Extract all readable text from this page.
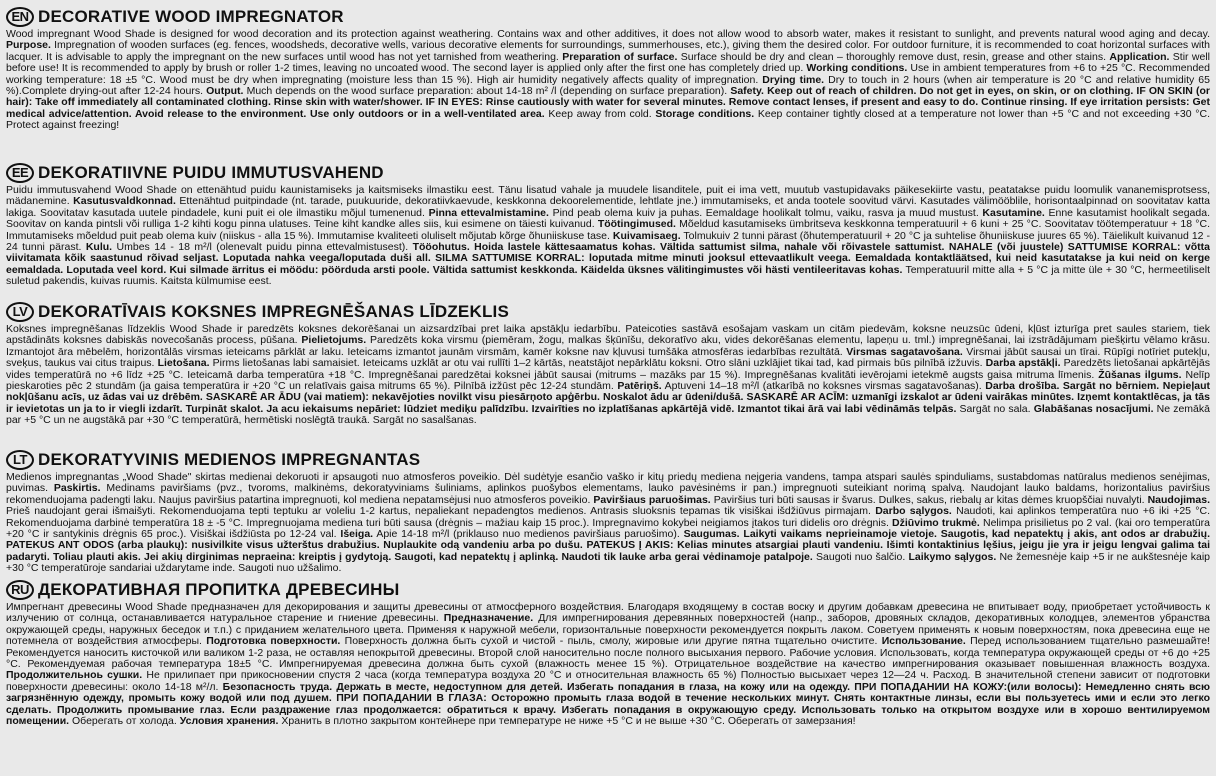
EN DECORATIVE WOOD IMPREGNATOR
Wood impregnant Wood Shade is designed for wood decoration and its protection against weathering. Contains wax and other additives, it does not allow wood to absorb water, makes it resistant to sunlight, and prevents natural wood aging and decay. Purpose. Impregnation of wooden surfaces (eg. fences, woodsheds, decorative wells, various decorative elements for surroundings, summerhouses, etc.), giving them the desired color. For outdoor furniture, it is recommended to coat horizontal surfaces with lacquer. It is advisable to apply the impregnant on the new surfaces until wood has not yet tarnished from weathering. Preparation of surface. Surface should be dry and clean – thoroughly remove dust, resin, grease and other stains. Application. Stir well before use! It is recommended to apply by brush or roller 1-2 times, leaving no uncoated wood. The second layer is applied only after the first one has completely dried up. Working conditions. Use in ambient temperatures from +6 to +25 °C. Recommended working temperature: 18 ±5 °C. Wood must be dry when impregnating (moisture less than 15 %). High air humidity negatively affects quality of impregnation. Drying time. Dry to touch in 2 hours (when air temperature is 20 °C and relative humidity 65 %).Complete drying-out after 12-24 hours. Output. Much depends on the wood surface preparation: about 14-18 m² /l (depending on surface preparation). Safety. Keep out of reach of children. Do not get in eyes, on skin, or on clothing. IF ON SKIN (or hair): Take off immediately all contaminated clothing. Rinse skin with water/shower. IF IN EYES: Rinse cautiously with water for several minutes. Remove contact lenses, if present and easy to do. Continue rinsing. If eye irritation persists: Get medical advice/attention. Avoid release to the environment. Use only outdoors or in a well-ventilated area. Keep away from cold. Storage conditions. Keep container tightly closed at a temperature not lower than +5 °C and not exceeding +30 °C. Protect against freezing!
EE DEKORATIIVNE PUIDU IMMUTUSVAHEND
Puidu immutusvahend Wood Shade on ettenähtud puidu kaunistamiseks ja kaitsmiseks ilmastiku eest. Tänu lisatud vahale ja muudele lisanditele, puit ei ima vett, muutub vastupidavaks päikesekiirte vastu, peatatakse puidu loomulik vananemisprotsess, mädanemine. Kasutusvaldkonnad. Ettenähtud puitpindade (nt. tarade, puukuuride, dekoratiivkaevude, keskkonna dekoorelementide, lehtlate jne.) immutamiseks, et anda tootele soovitud värvi. Kasutades välimööblile, horisontaalpinnad on soovitatav katta lakiga. Soovitatav kasutada uutele pindadele, kuni puit ei ole ilmastiku mõjul tumenenud. Pinna ettevalmistamine. Pind peab olema kuiv ja puhas. Eemaldage hoolikalt tolmu, vaiku, rasva ja muud mustust. Kasutamine. Enne kasutamist hoolikalt segada. Soovitav on kanda pintsli või rulliga 1-2 kihti kogu pinna ulatuses. Teine kiht kandke alles siis, kui esimene on täiesti kuivanud. Töötingimused. Mõeldud kasutamiseks ümbritseva keskkonna temperatuuril + 6 kuni + 25 °C. Soovitatav töötemperatuur + 18 °C. Immutamiseks mõeldud puit peab olema kuiv (niiskus - alla 15 %). Immutamise kvaliteeti oluliselt mõjutab kõrge õhuniiskuse tase. Kuivamisaeg. Tolmukuiv 2 tunni pärast (õhutemperatuuril + 20 °C ja suhtelise õhuniiskuse juures 65 %). Täielikult kuivanud 12 - 24 tunni pärast. Kulu. Umbes 14 - 18 m²/l (olenevalt puidu pinna ettevalmistusest). Tööohutus. Hoida lastele kättesaamatus kohas. Vältida sattumist silma, nahale või rõivastele sattumist. NAHALE (või juustele) SATTUMISE KORRAL: võtta viivitamata kõik saastunud rõivad seljast. Loputada nahka veega/loputada duši all. SILMA SATTUMISE KORRAL: loputada mitme minuti jooksul ettevaatlikult veega. Eemaldada kontaktläätsed, kui neid kasutatakse ja kui neid on kerge eemaldada. Loputada veel kord. Kui silmade ärritus ei möödu: pöörduda arsti poole. Vältida sattumist keskkonda. Käidelda üksnes välitingimustes või hästi ventileeritavas kohas. Temperatuuril mitte alla + 5 °C ja mitte üle + 30 °C, hermeetiliselt suletud pakendis, kuivas ruumis. Kaitsta külmumise eest.
LV DEKORATĪVAIS KOKSNES IMPREGNĒŠANAS LĪDZEKLIS
Koksnes impregnēšanas līdzeklis Wood Shade ir paredzēts koksnes dekorēšanai un aizsardzībai pret laika apstākļu iedarbību. Pateicoties sastāvā esošajam vaskam un citām piedevām, koksne neuzsūc ūdeni, kļūst izturīga pret saules stariem, tiek apstādināts koksnes dabiskās novecošanās process, pūšana. Pielietojums. Paredzēts koka virsmu (piemēram, žogu, malkas šķūnīšu, dekoratīvo aku, vides dekorēšanas elementu, lapeņu u. tml.) impregnēšanai, lai izstrādājumam piešķirtu vēlamo krāsu. Izmantojot āra mēbelēm, horizontālās virsmas ieteicams pārklāt ar laku. Ieteicams izmantot jaunām virsmām, kamēr koksne nav kļuvusi tumšāka atmosfēras iedarbības rezultātā. Virsmas sagatavošana. Virsmai jābūt sausai un tīrai. Rūpīgi notīriet putekļu, sveķus, taukus vai citus traipus. Lietošana. Pirms lietošanas labi samaisiet. Ieteicams uzklāt ar otu vai rullīti 1–2 kārtās, neatstājot nepārklātu koksni. Otro slāni uzklājiet tikai tad, kad pirmais būs pilnībā izžuvis. Darba apstākļi. Paredzēts lietošanai apkārtējās vides temperatūrā no +6 līdz +25 °C. Ieteicamā darba temperatūra +18 °C. Impregnēšanai paredzētai koksnei jābūt sausai (mitrums – mazāks par 15 %). Impregnēšanas kvalitāti ievērojami ietekmē augsts gaisa mitruma līmenis. Žūšanas ilgums. Nelīp pieskaroties pēc 2 stundām (ja gaisa temperatūra ir +20 °C un relatīvais gaisa mitrums 65 %). Pilnībā izžūst pēc 12-24 stundām. Patēriņš. Aptuveni 14–18 m²/l (atkarībā no koksnes virsmas sagatavošanas). Darba drošība. Sargāt no bērniem. Nepieļaut nokļūšanu acīs, uz ādas vai uz drēbēm. SASKARĒ AR ĀDU (vai matiem): nekavējoties novilkt visu piesārņoto apģērbu. Noskalot ādu ar ūdeni/dušā. SASKARĒ AR ACĪM: uzmanīgi izskalot ar ūdeni vairākas minūtes. Izņemt kontaktlēcas, ja tās ir ievietotas un ja to ir viegli izdarīt. Turpināt skalot. Ja acu iekaisums nepāriet: lūdziet mediķu palīdzību. Izvairīties no izplatīšanas apkārtējā vidē. Izmantot tikai ārā vai labi vēdināmās telpās. Sargāt no sala. Glabāšanas nosacījumi. Ne zemākā par +5 °C un ne augstākā par +30 °C temperatūrā, hermētiski noslēgtā traukā. Sargāt no sasalšanas.
LT DEKORATYVINIS MEDIENOS IMPREGNANTAS
Medienos impregnantas „Wood Shade" skirtas medienai dekoruoti ir apsaugoti nuo atmosferos poveikio. Dėl sudėtyje esančio vaško ir kitų priedų mediena neįgeria vandens, tampa atspari saulės spinduliams, sustabdomas natūralus medienos senėjimas, puvimas. Paskirtis. Medinams paviršiams (pvz., tvoroms, malkinėms, dekoratyviniams šuliniams, aplinkos puošybos elementams, lauko pavėsinėms ir pan.) impregnuoti suteikiant norimą spalvą. Naudojant lauko baldams, horizontalius paviršius rekomenduojama padengti laku. Naujus paviršius patartina impregnuoti, kol mediena nepatamsėjusi nuo atmosferos poveikio. Paviršiaus paruošimas. Paviršius turi būti sausas ir švarus. Dulkes, sakus, riebalų ar kitas dėmes kruopščiai nuvalyti. Naudojimas. Prieš naudojant gerai išmaišyti. Rekomenduojama tepti teptuku ar voleliu 1-2 kartus, nepaliekant nepadengtos medienos. Antrasis sluoksnis tepamas tik visiškai išdžiūvus pirmajam. Darbo sąlygos. Naudoti, kai aplinkos temperatūra nuo +6 iki +25 °C. Rekomenduojama darbinė temperatūra 18 ± -5 °C. Impregnuojama mediena turi būti sausa (drėgnis – mažiau kaip 15 proc.). Impregnavimo kokybei neigiamos įtakos turi didelis oro drėgnis. Džiūvimo trukmė. Nelimpa prisilietus po 2 val. (kai oro temperatūra +20 °C ir santykinis drėgnis 65 proc.). Visiškai išdžiūsta po 12-24 val. Išeiga. Apie 14-18 m²/l (priklauso nuo medienos paviršiaus paruošimo). Saugumas. Laikyti vaikams neprieinamoje vietoje. Saugotis, kad nepatektų į akis, ant odos ar drabužių. PATEKUS ANT ODOS (arba plaukų): nusivilkite visus užterštus drabužius. Nuplaukite odą vandeniu arba po dušu. PATEKUS Į AKIS: Kelias minutes atsargiai plauti vandeniu. Išimti kontaktinius lęšius, jeigu jie yra ir jeigu lengvai galima tai padaryti. Toliau plauti akis. Jei akių dirginimas nepraeina: kreiptis į gydytoją. Saugoti, kad nepatektų į aplinką. Naudoti tik lauke arba gerai vėdinamoje patalpoje. Saugoti nuo šalčio. Laikymo sąlygos. Ne žemesnėje kaip +5 ir ne aukštesnėje kaip +30 °C temperatūroje sandariai uždarytame inde. Saugoti nuo užšalimo.
RU ДЕКОРАТИВНАЯ ПРОПИТКА ДРЕВЕСИНЫ
Импрегнант древесины Wood Shade предназначен для декорирования и защиты древесины от атмосферного воздействия. Благодаря входящему в состав воску и другим добавкам древесина не впитывает воду, приобретает устойчивость к излучению от солнца, останавливается натуральное старение и гниение древесины. Предназначение. Для импрегнирования деревянных поверхностей (напр., заборов, дровяных складов, декоративных колодцев, элементов убранства окружающей среды, наружных беседок и т.п.) с приданием желательного цвета. Применяя к наружной мебели, горизонтальные поверхности рекомендуется покрыть лаком. Советуем применять к новым поверхностям, пока древесина еще не потемнела от воздействия атмосферы. Подготовка поверхности. Поверхность должна быть сухой и чистой - пыль, смолу, жировые или другие пятна тщательно очистите. Использование. Перед использованием тщательно размешайте! Рекомендуется наносить кисточкой или валиком 1-2 раза, не оставляя непокрытой древесины. Второй слой наносительно после полного высыхания первого. Рабочие условия. Использовать, когда температура окружающей среды от +6 до +25 °C. Рекомендуемая рабочая температура 18±5 °C. Импрегнируемая древесина должна быть сухой (влажность менее 15 %). Отрицательное воздействие на качество импрегнирования оказывает повышенная влажность воздуха. Продолжительноь сушки. Не прилипает при прикосновении спустя 2 часа (когда температура воздуха 20 °C и относительная влажность 65 %) Полностью высыхает через 12—24 ч. Расход. В значительной степени зависит от подготовки поверхности древесины: около 14-18 м²/л. Безопасность труда. Держать в месте, недоступном для детей. Избегать попадания в глаза, на кожу или на одежду. ПРИ ПОПАДАНИИ НА КОЖУ:(или волосы): Немедленно снять всю загрязнённую одежду, промыть кожу водой или под душем. ПРИ ПОПАДАНИИ В ГЛАЗА: Осторожно промыть глаза водой в течение нескольких минут. Снять контактные линзы, если вы пользуетесь ими и если это легко сделать. Продолжить промывание глаз. Если раздражение глаз продолжается: обратиться к врачу. Избегать попадания в окружающую среду. Использовать только на открытом воздухе или в хорошо вентилируемом помещении. Оберегать от холода. Условия хранения. Хранить в плотно закрытом контейнере при температуре не ниже +5 °C и не выше +30 °C. Оберегать от замерзания!
